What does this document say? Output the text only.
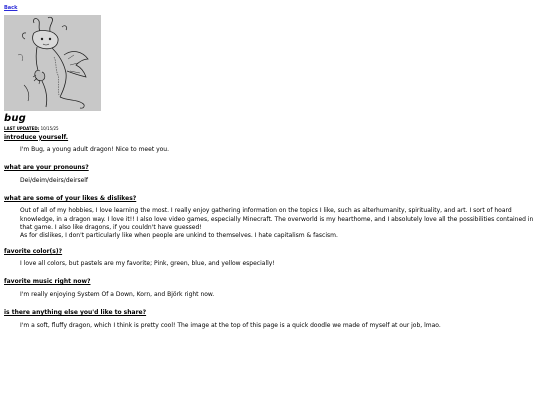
Back
bug
LAST UPDATED: 10/15/25

introduce yourself.

I'm Bug, a young adult dragon! Nice to meet you.

what are your pronouns?

Dei/deim/deirs/deirself

what are some of your likes & dislikes?

Out of all of my hobbies, I love learning the most. I really enjoy gathering information on the topics I like, such as alterhumanity, spirituality, and art. I sort of hoard knowledge, in a dragon way. I love it!! I also love video games, especially Minecraft. The overworld is my hearthome, and I absolutely love all the possibilities contained in that game. I also like dragons, if you couldn't have guessed!
As for dislikes, I don't particularly like when people are unkind to themselves. I hate capitalism & fascism.

favorite color(s)?

I love all colors, but pastels are my favorite; Pink, green, blue, and yellow especially!

favorite music right now?

I'm really enjoying System Of a Down, Korn, and Björk right now.

is there anything else you'd like to share?

I'm a soft, fluffy dragon, which I think is pretty cool! The image at the top of this page is a quick doodle we made of myself at our job, lmao.
